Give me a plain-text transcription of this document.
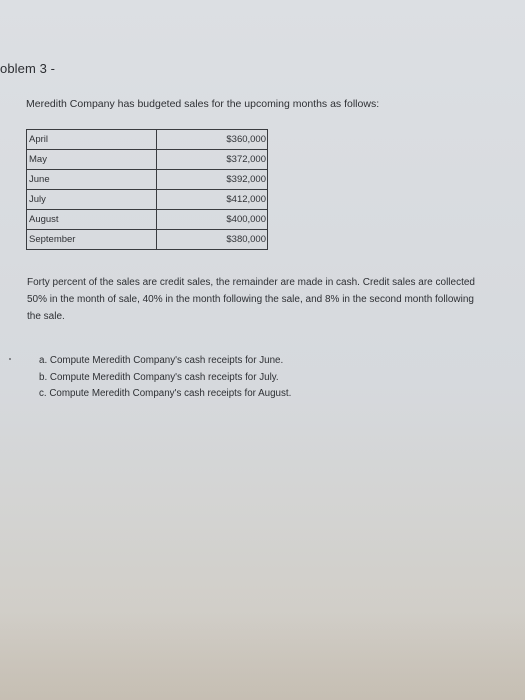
oblem 3 -
Meredith Company has budgeted sales for the upcoming months as follows:
April	$360,000
May	$372,000
June	$392,000
July	$412,000
August	$400,000
September	$380,000
Forty percent of the sales are credit sales, the remainder are made in cash. Credit sales are collected
50% in the month of sale, 40% in the month following the sale, and 8% in the second month following
the sale.
a. Compute Meredith Company's cash receipts for June.
b. Compute Meredith Company's cash receipts for July.
c. Compute Meredith Company's cash receipts for August.
